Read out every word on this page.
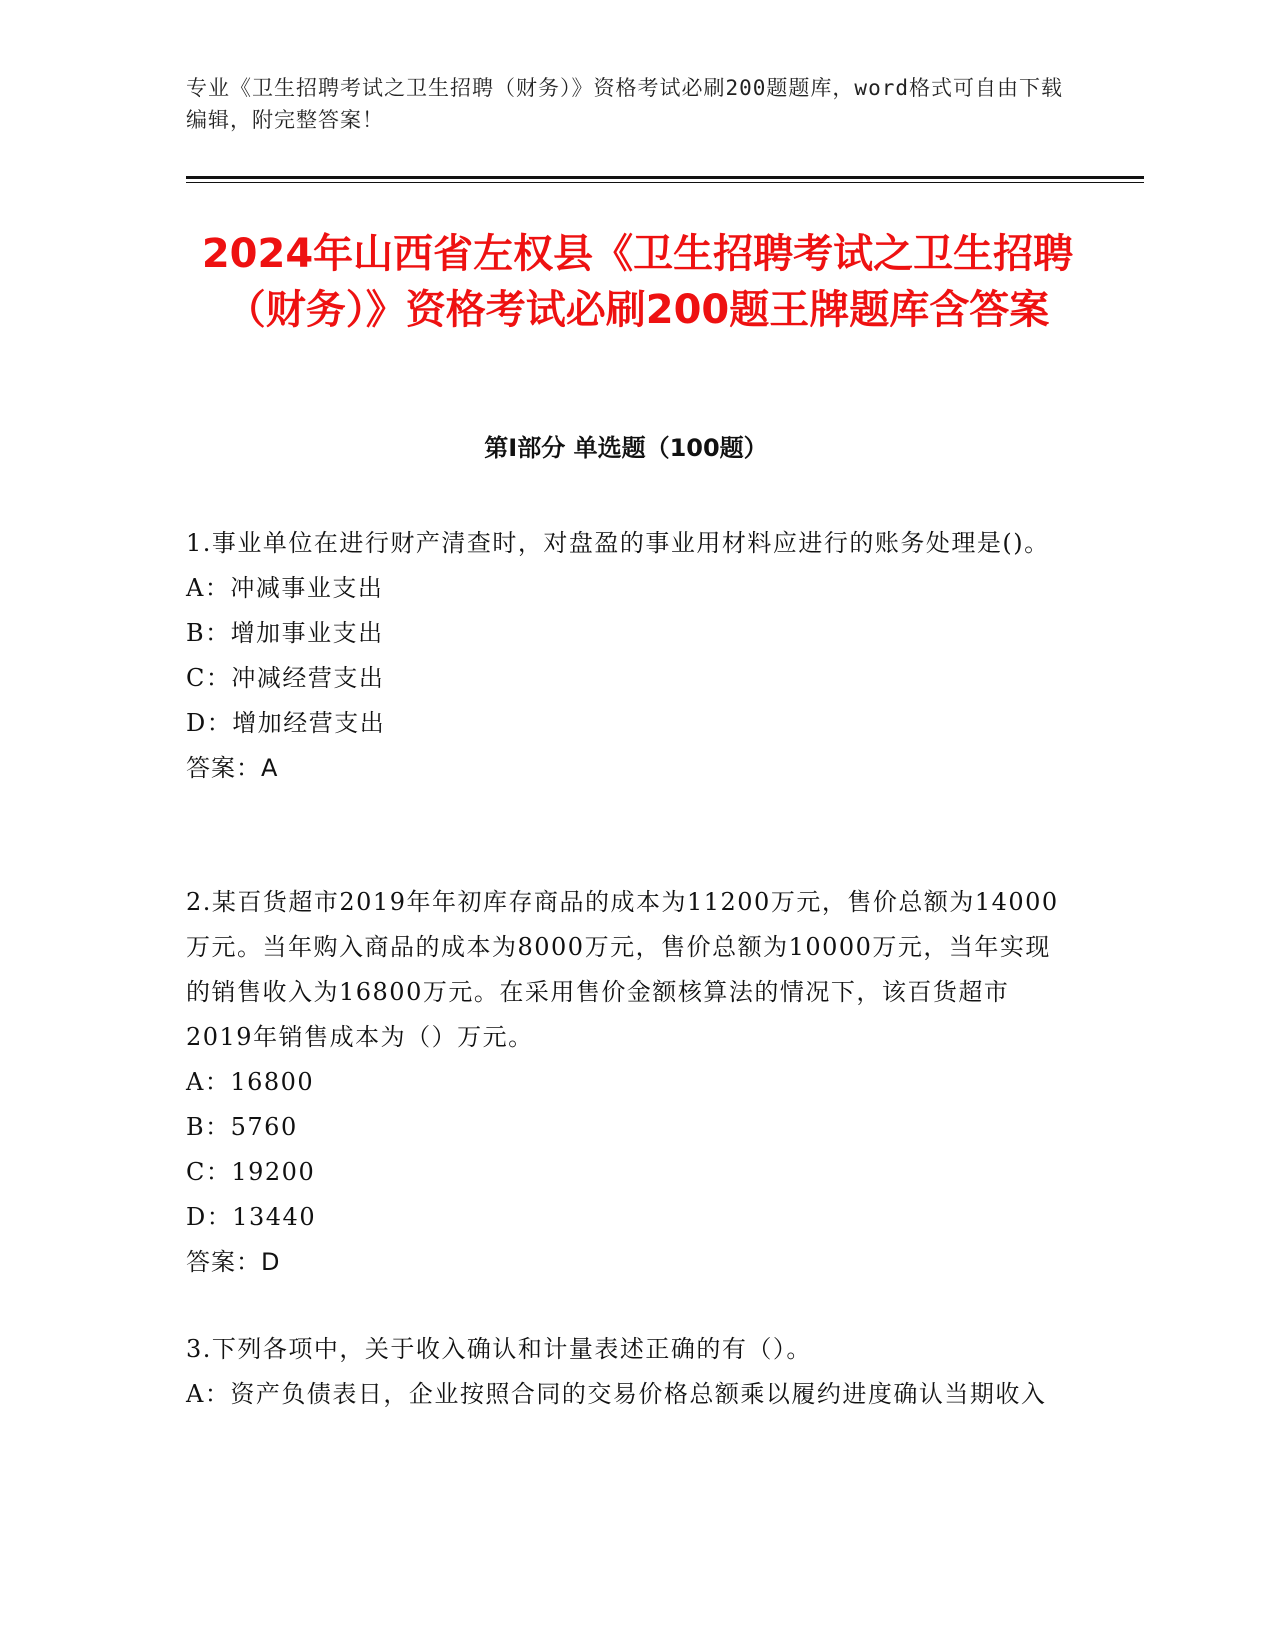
专业《卫生招聘考试之卫生招聘（财务）》资格考试必刷200题题库，word格式可自由下载编辑，附完整答案！
2024年山西省左权县《卫生招聘考试之卫生招聘（财务）》资格考试必刷200题王牌题库含答案
第I部分 单选题（100题）
1.事业单位在进行财产清查时，对盘盈的事业用材料应进行的账务处理是()。
A：冲减事业支出
B：增加事业支出
C：冲减经营支出
D：增加经营支出
答案：A
2.某百货超市2019年年初库存商品的成本为11200万元，售价总额为14000万元。当年购入商品的成本为8000万元，售价总额为10000万元，当年实现的销售收入为16800万元。在采用售价金额核算法的情况下，该百货超市2019年销售成本为（）万元。
A：16800
B：5760
C：19200
D：13440
答案：D
3.下列各项中，关于收入确认和计量表述正确的有（）。
A：资产负债表日，企业按照合同的交易价格总额乘以履约进度确认当期收入
